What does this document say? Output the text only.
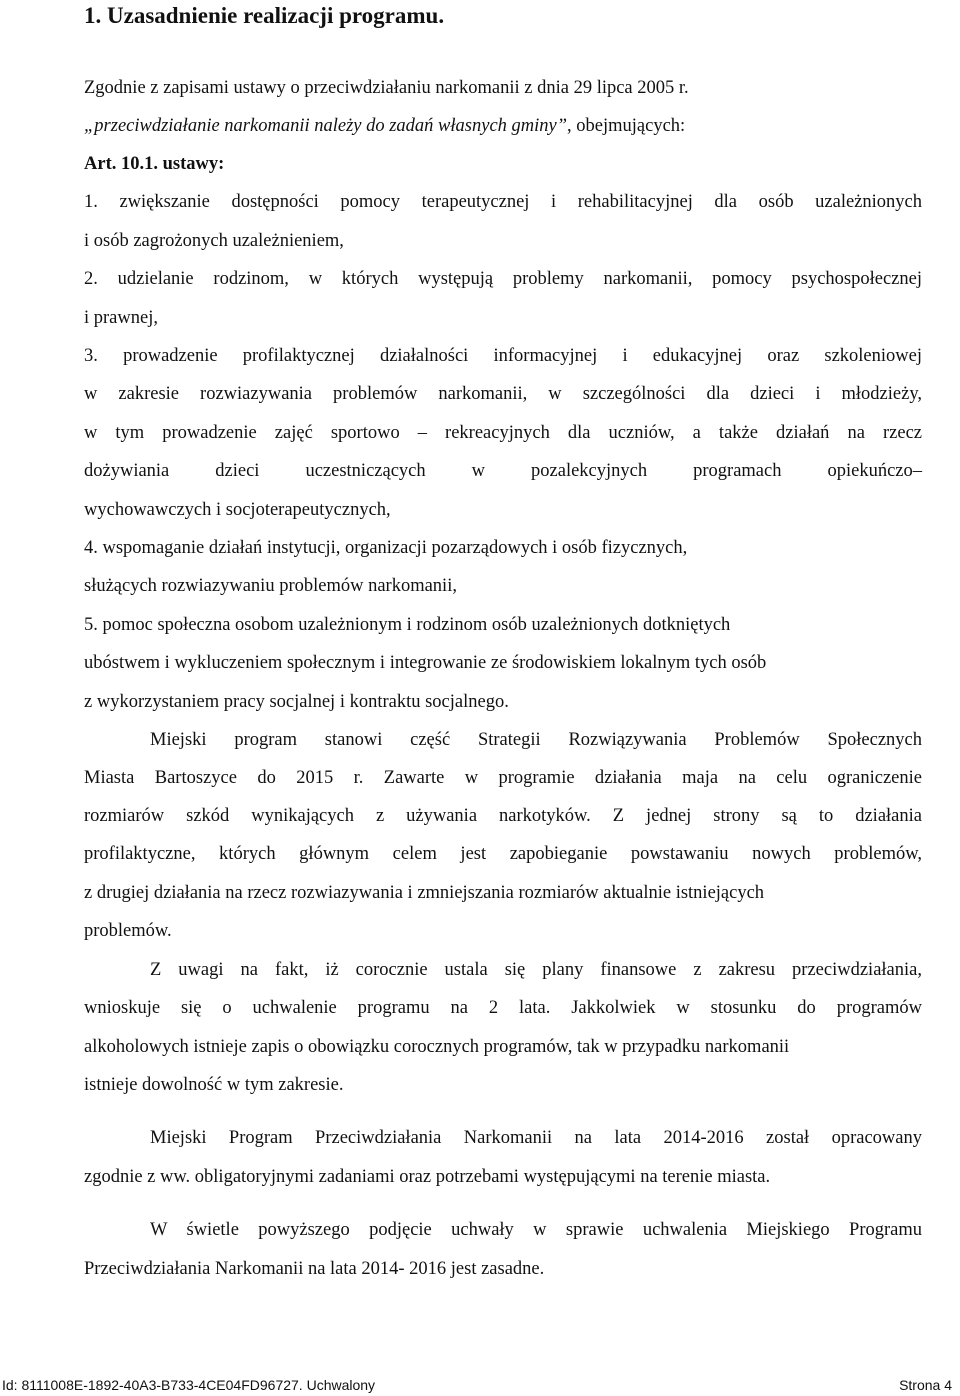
1. Uzasadnienie realizacji programu.

Zgodnie z zapisami ustawy o przeciwdziałaniu narkomanii z dnia 29 lipca 2005 r.

„przeciwdziałanie narkomanii należy do zadań własnych gminy”, obejmujących:

Art. 10.1. ustawy:

1. zwiększanie dostępności pomocy terapeutycznej i rehabilitacyjnej dla osób uzależnionych

i osób zagrożonych uzależnieniem,

2. udzielanie rodzinom, w których występują problemy narkomanii, pomocy psychospołecznej

i prawnej,

3. prowadzenie profilaktycznej działalności informacyjnej i edukacyjnej oraz szkoleniowej

w zakresie rozwiazywania problemów narkomanii, w szczególności dla dzieci i młodzieży,

w tym prowadzenie zajęć sportowo – rekreacyjnych dla uczniów, a także działań na rzecz

dożywiania dzieci uczestniczących w pozalekcyjnych programach opiekuńczo–

wychowawczych i socjoterapeutycznych,

4. wspomaganie działań instytucji, organizacji pozarządowych i osób fizycznych,

służących rozwiazywaniu problemów narkomanii,

5. pomoc społeczna osobom uzależnionym i rodzinom osób uzależnionych dotkniętych

ubóstwem i wykluczeniem społecznym i integrowanie ze środowiskiem lokalnym tych osób

z wykorzystaniem pracy socjalnej i kontraktu socjalnego.

Miejski program stanowi część Strategii Rozwiązywania Problemów Społecznych

Miasta Bartoszyce do 2015 r. Zawarte w programie działania maja na celu ograniczenie

rozmiarów szkód wynikających z używania narkotyków. Z jednej strony są to działania

profilaktyczne, których głównym celem jest zapobieganie powstawaniu nowych problemów,

z drugiej działania na rzecz rozwiazywania i zmniejszania rozmiarów aktualnie istniejących

problemów.

Z uwagi na fakt, iż corocznie ustala się plany finansowe z zakresu przeciwdziałania,

wnioskuje się o uchwalenie programu na 2 lata. Jakkolwiek w stosunku do programów

alkoholowych istnieje zapis o obowiązku corocznych programów, tak w przypadku narkomanii

istnieje dowolność w tym zakresie.

Miejski Program Przeciwdziałania Narkomanii na lata 2014-2016 został opracowany

zgodnie z ww. obligatoryjnymi zadaniami oraz potrzebami występującymi na terenie miasta.

W świetle powyższego podjęcie uchwały w sprawie uchwalenia Miejskiego Programu

Przeciwdziałania Narkomanii na lata 2014- 2016 jest zasadne.

Id: 8111008E-1892-40A3-B733-4CE04FD96727. Uchwalony	Strona 4
